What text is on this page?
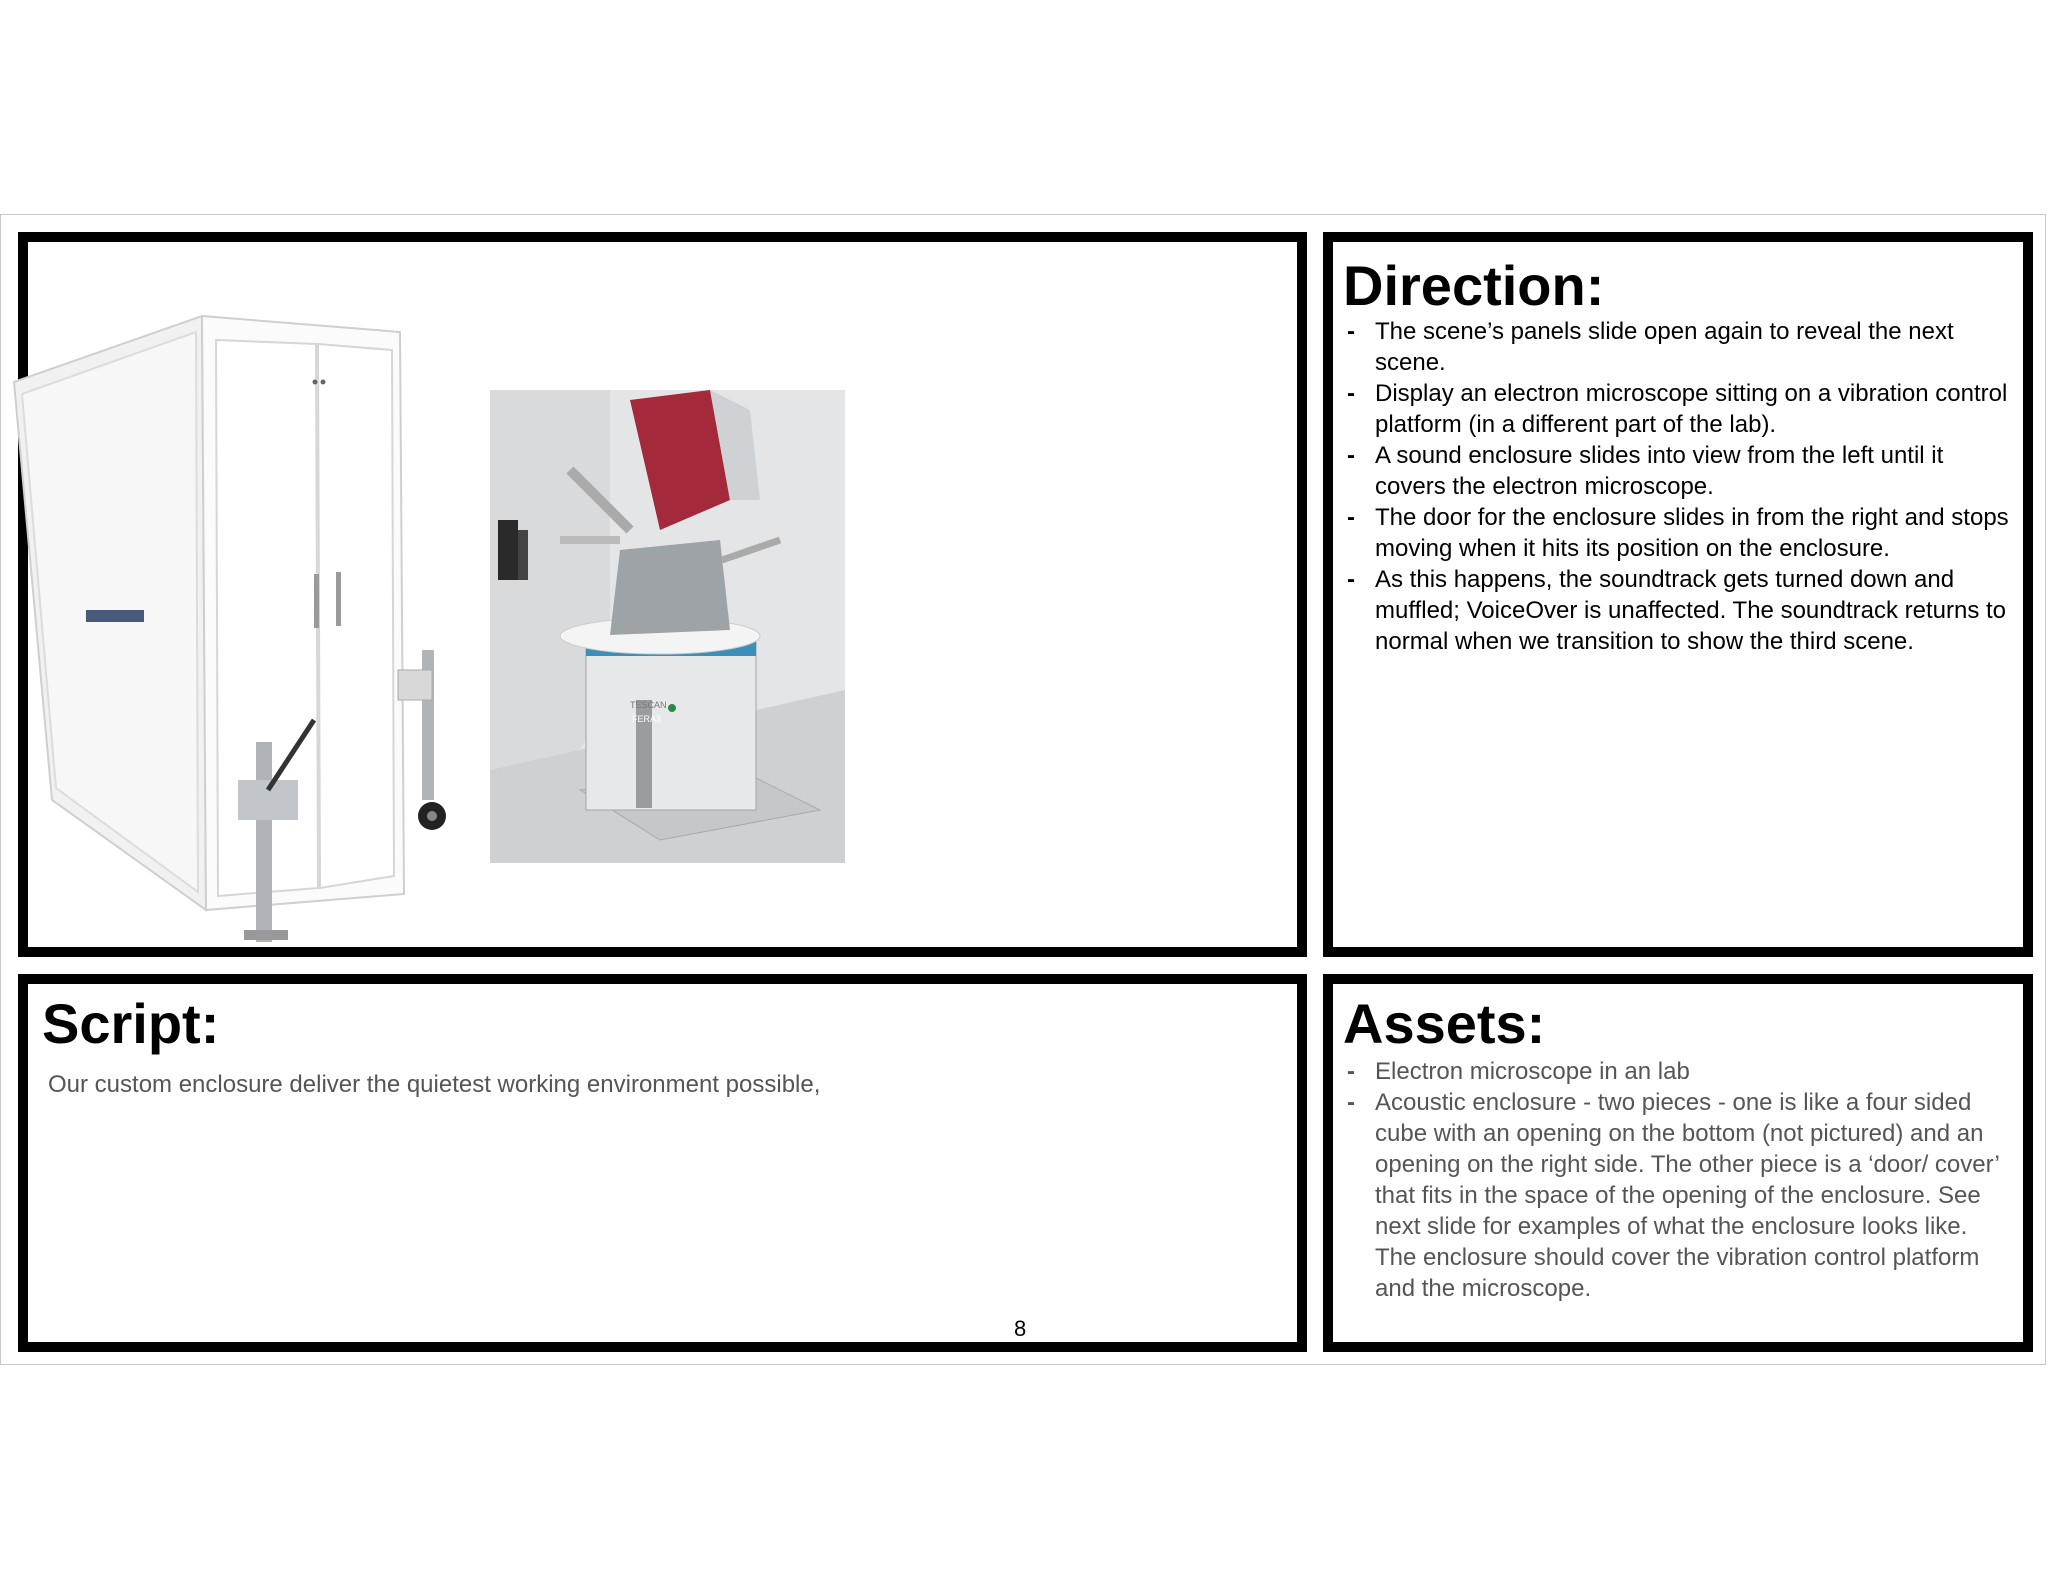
TESCAN
FERA3
Direction:
- The scene’s panels slide open again to reveal the next scene.
- Display an electron microscope sitting on a vibration control platform (in a different part of the lab).
- A sound enclosure slides into view from the left until it covers the electron microscope.
- The door for the enclosure slides in from the right and stops moving when it hits its position on the enclosure.
- As this happens, the soundtrack gets turned down and muffled; VoiceOver is unaffected. The soundtrack returns to normal when we transition to show the third scene.
Script:

Our custom enclosure deliver the quietest working environment possible,

Assets:
- Electron microscope in an lab
- Acoustic enclosure - two pieces - one is like a four sided cube with an opening on the bottom (not pictured) and an opening on the right side. The other piece is a ‘door/ cover’ that fits in the space of the opening of the enclosure. See next slide for examples of what the enclosure looks like. The enclosure should cover the vibration control platform and the microscope.
8
